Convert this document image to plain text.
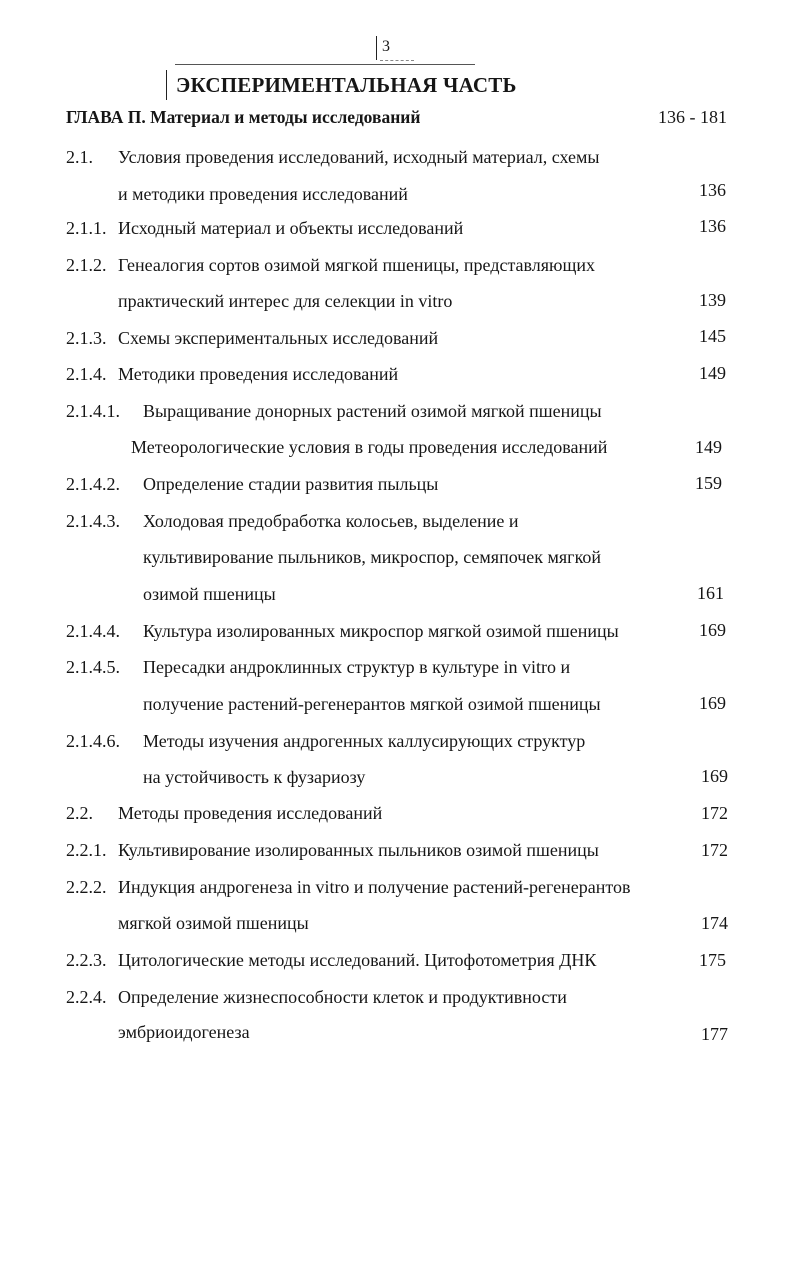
3
ЭКСПЕРИМЕНТАЛЬНАЯ ЧАСТЬ
ГЛАВА П. Материал и методы исследований	136 - 181
2.1. Условия проведения исследований, исходный материал, схемы
и методики проведения исследований	136
2.1.1. Исходный материал и объекты исследований	136
2.1.2. Генеалогия сортов озимой мягкой пшеницы, представляющих
практический интерес для селекции in vitro	139
2.1.3. Схемы экспериментальных исследований	145
2.1.4. Методики проведения исследований	149
2.1.4.1. Выращивание донорных растений озимой мягкой пшеницы
Метеорологические условия в годы проведения исследований	149
2.1.4.2. Определение стадии развития пыльцы	159
2.1.4.3. Холодовая предобработка колосьев, выделение и
культивирование пыльников, микроспор, семяпочек мягкой
озимой пшеницы	161
2.1.4.4. Культура изолированных микроспор мягкой озимой пшеницы	169
2.1.4.5. Пересадки андроклинных структур в культуре in vitro и
получение растений-регенерантов мягкой озимой пшеницы	169
2.1.4.6. Методы изучения андрогенных каллусирующих структур
на устойчивость к фузариозу	169
2.2. Методы проведения исследований	172
2.2.1. Культивирование изолированных пыльников озимой пшеницы	172
2.2.2. Индукция андрогенеза in vitro и получение растений-регенерантов
мягкой озимой пшеницы	174
2.2.3. Цитологические методы исследований. Цитофотометрия ДНК	175
2.2.4. Определение жизнеспособности клеток и продуктивности
эмбриоидогенеза	177
